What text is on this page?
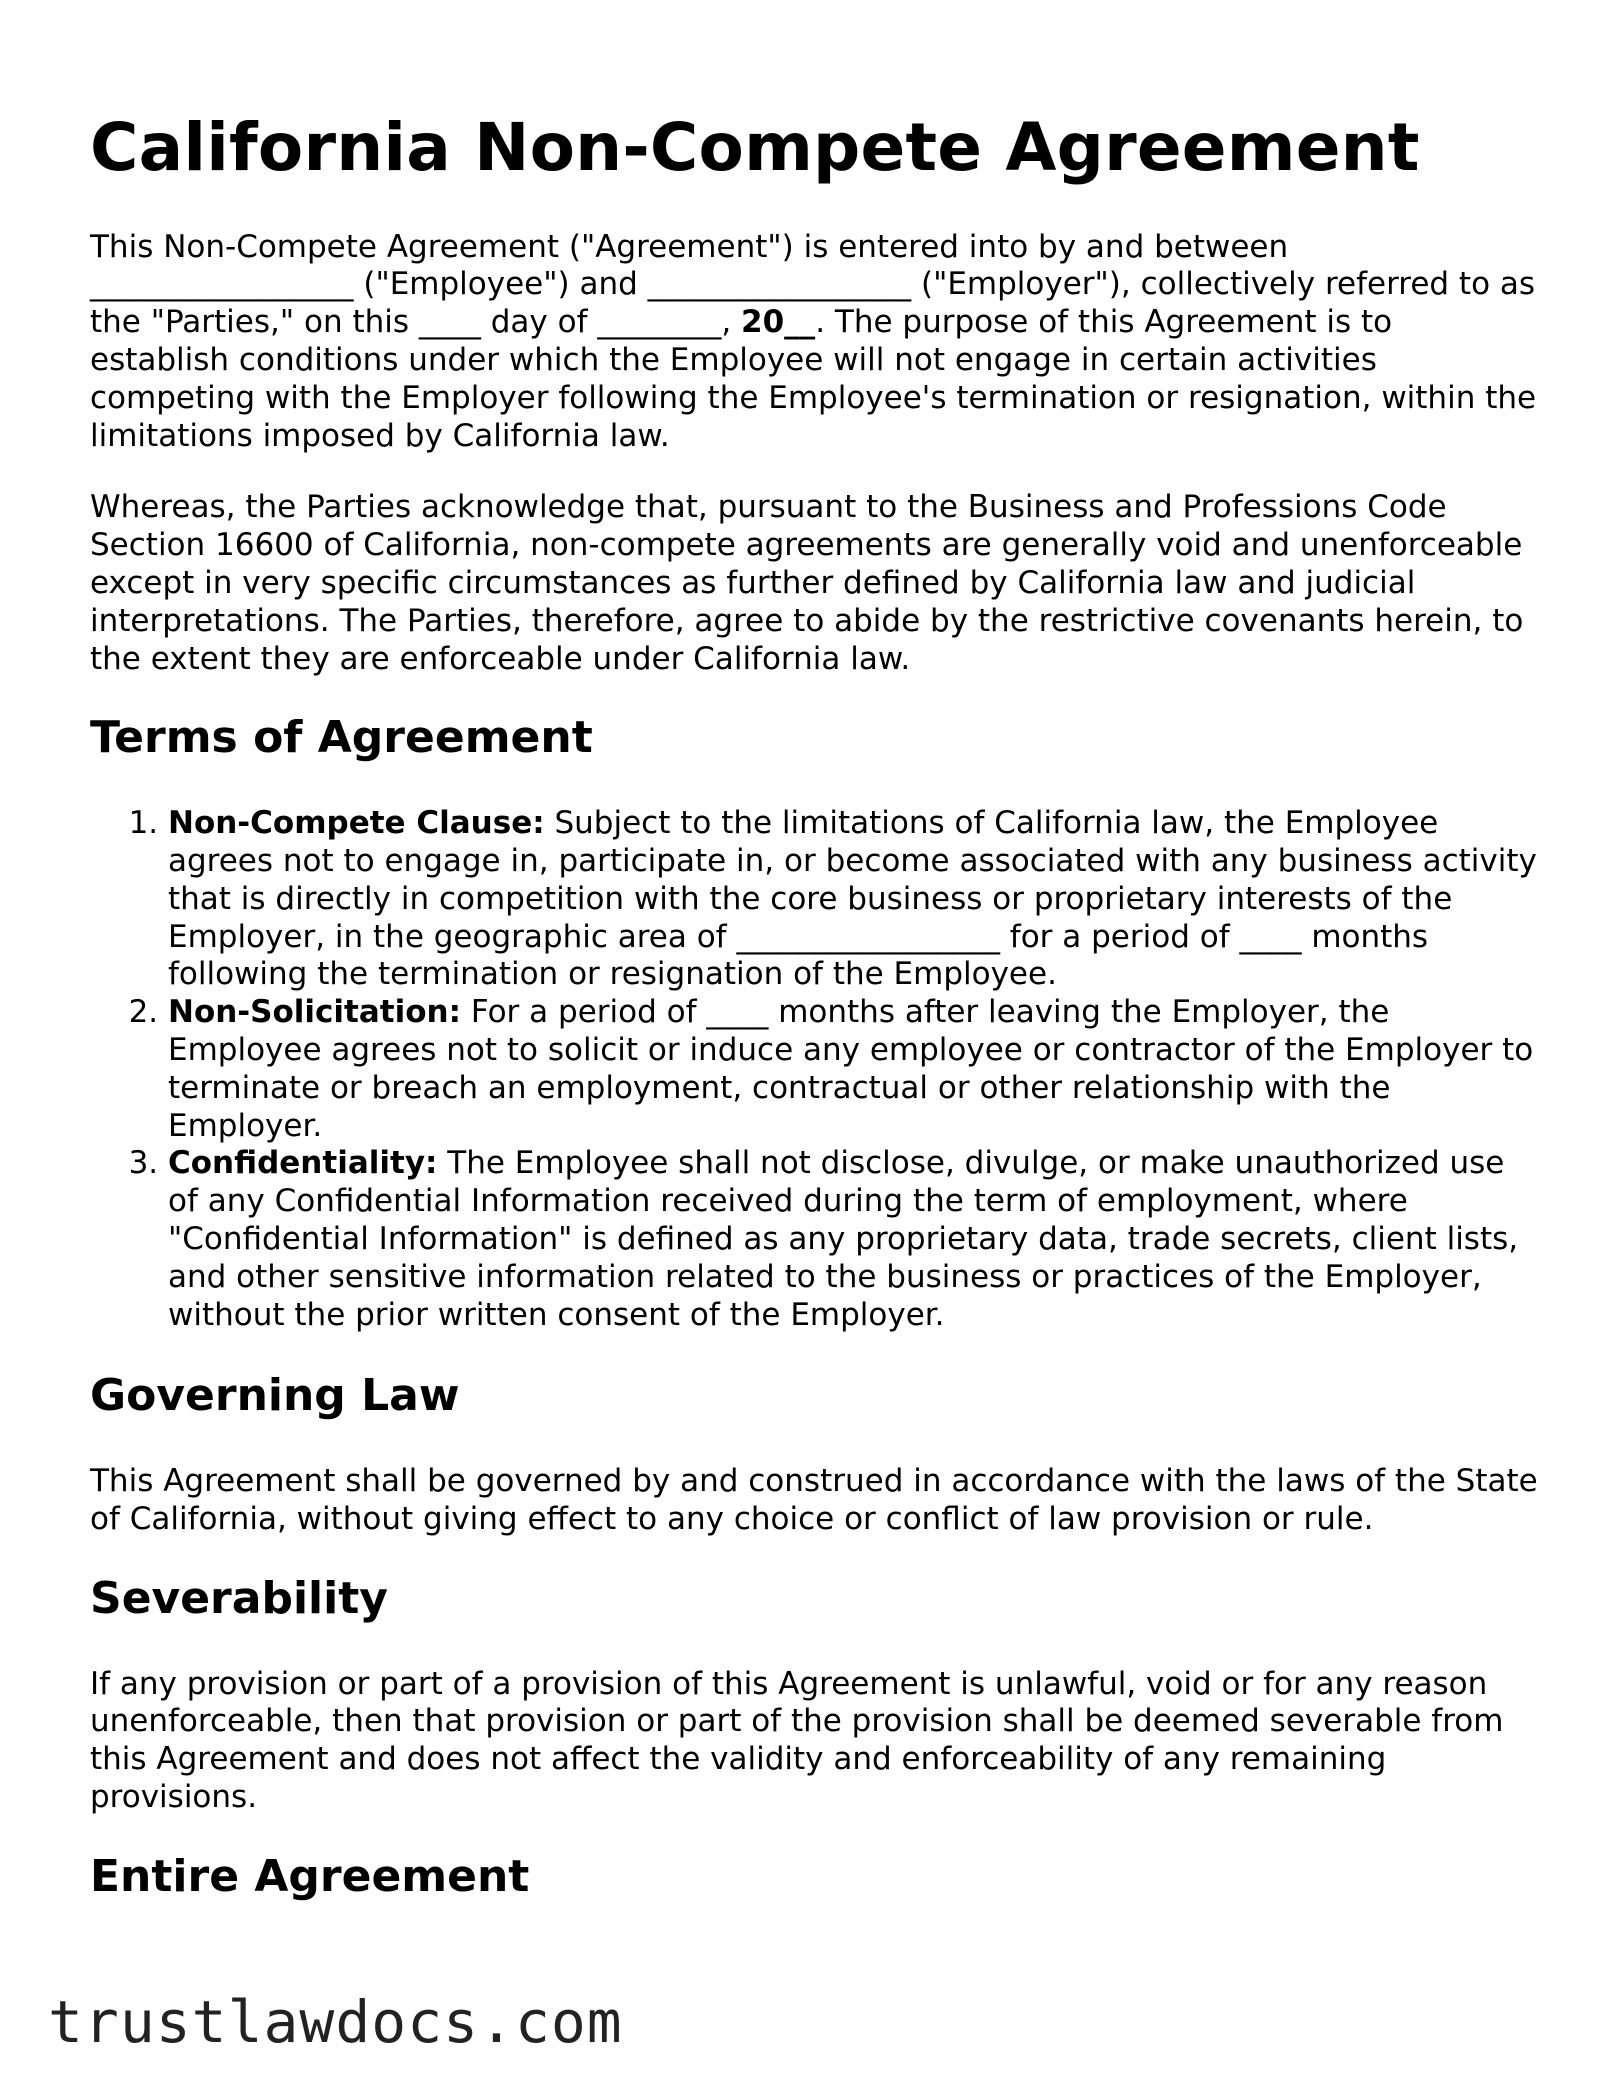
California Non-Compete Agreement

This Non-Compete Agreement ("Agreement") is entered into by and between _________________ ("Employee") and _________________ ("Employer"), collectively referred to as the "Parties," on this ____ day of ________, 20__. The purpose of this Agreement is to establish conditions under which the Employee will not engage in certain activities competing with the Employer following the Employee's termination or resignation, within the limitations imposed by California law.

Whereas, the Parties acknowledge that, pursuant to the Business and Professions Code Section 16600 of California, non-compete agreements are generally void and unenforceable except in very specific circumstances as further defined by California law and judicial interpretations. The Parties, therefore, agree to abide by the restrictive covenants herein, to the extent they are enforceable under California law.

Terms of Agreement
1. Non-Compete Clause: Subject to the limitations of California law, the Employee agrees not to engage in, participate in, or become associated with any business activity that is directly in competition with the core business or proprietary interests of the Employer, in the geographic area of _________________ for a period of ____ months following the termination or resignation of the Employee.
2. Non-Solicitation: For a period of ____ months after leaving the Employer, the Employee agrees not to solicit or induce any employee or contractor of the Employer to terminate or breach an employment, contractual or other relationship with the Employer.
3. Confidentiality: The Employee shall not disclose, divulge, or make unauthorized use of any Confidential Information received during the term of employment, where "Confidential Information" is defined as any proprietary data, trade secrets, client lists, and other sensitive information related to the business or practices of the Employer, without the prior written consent of the Employer.
Governing Law

This Agreement shall be governed by and construed in accordance with the laws of the State of California, without giving effect to any choice or conflict of law provision or rule.

Severability

If any provision or part of a provision of this Agreement is unlawful, void or for any reason unenforceable, then that provision or part of the provision shall be deemed severable from this Agreement and does not affect the validity and enforceability of any remaining provisions.

Entire Agreement
trustlawdocs.com
